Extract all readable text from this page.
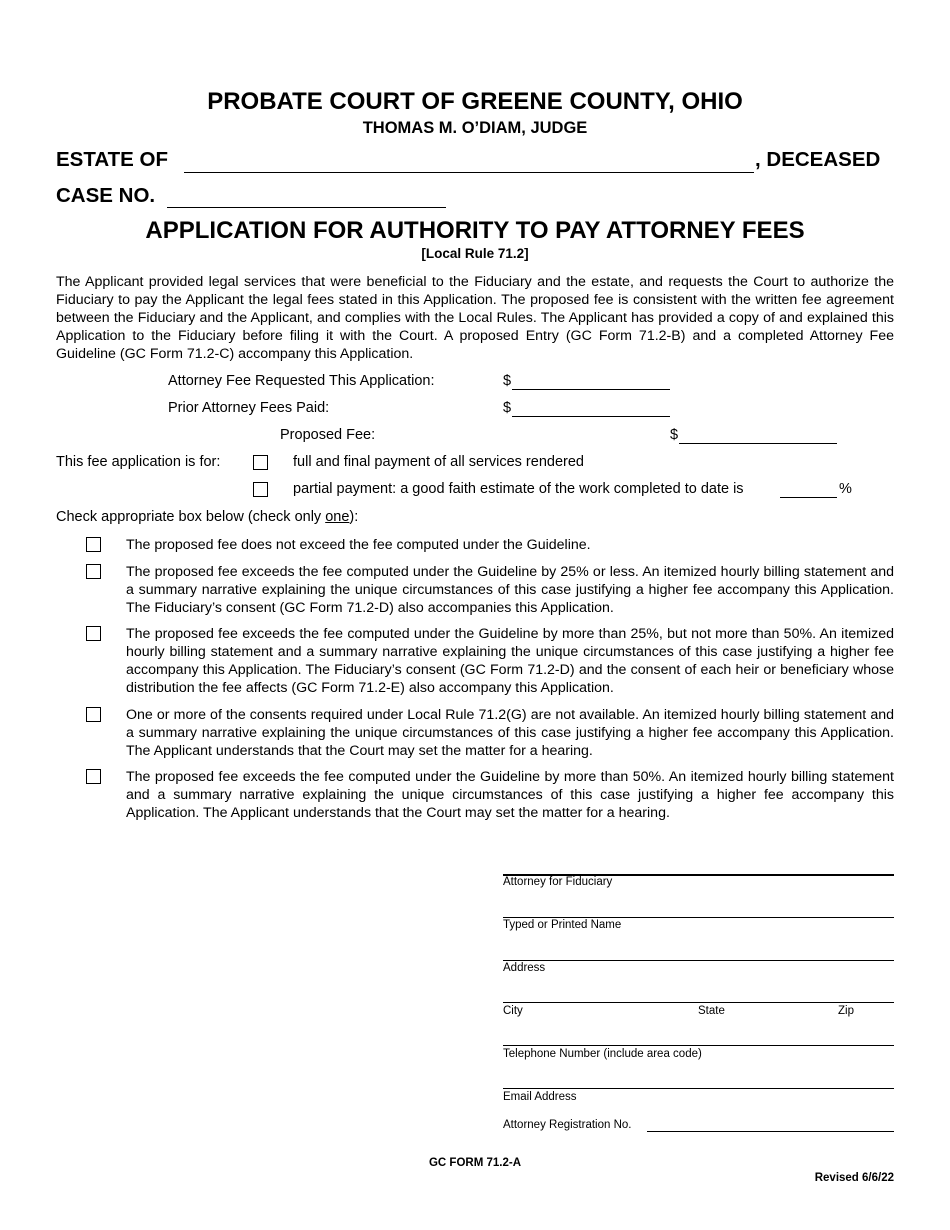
PROBATE COURT OF GREENE COUNTY, OHIO
THOMAS M. O’DIAM, JUDGE
ESTATE OF	, DECEASED
CASE NO.
APPLICATION FOR AUTHORITY TO PAY ATTORNEY FEES
[Local Rule 71.2]
The Applicant provided legal services that were beneficial to the Fiduciary and the estate, and requests the Court to authorize the Fiduciary to pay the Applicant the legal fees stated in this Application. The proposed fee is consistent with the written fee agreement between the Fiduciary and the Applicant, and complies with the Local Rules. The Applicant has provided a copy of and explained this Application to the Fiduciary before filing it with the Court. A proposed Entry (GC Form 71.2-B) and a completed Attorney Fee Guideline (GC Form 71.2-C) accompany this Application.
Attorney Fee Requested This Application:	$
Prior Attorney Fees Paid:	$
Proposed Fee:	$
This fee application is for:	full and final payment of all services rendered
partial payment: a good faith estimate of the work completed to date is	%
Check appropriate box below (check only one):
The proposed fee does not exceed the fee computed under the Guideline.
The proposed fee exceeds the fee computed under the Guideline by 25% or less. An itemized hourly billing statement and a summary narrative explaining the unique circumstances of this case justifying a higher fee accompany this Application. The Fiduciary’s consent (GC Form 71.2-D) also accompanies this Application.
The proposed fee exceeds the fee computed under the Guideline by more than 25%, but not more than 50%. An itemized hourly billing statement and a summary narrative explaining the unique circumstances of this case justifying a higher fee accompany this Application. The Fiduciary’s consent (GC Form 71.2-D) and the consent of each heir or beneficiary whose distribution the fee affects (GC Form 71.2-E) also accompany this Application.
One or more of the consents required under Local Rule 71.2(G) are not available. An itemized hourly billing statement and a summary narrative explaining the unique circumstances of this case justifying a higher fee accompany this Application. The Applicant understands that the Court may set the matter for a hearing.
The proposed fee exceeds the fee computed under the Guideline by more than 50%. An itemized hourly billing statement and a summary narrative explaining the unique circumstances of this case justifying a higher fee accompany this Application. The Applicant understands that the Court may set the matter for a hearing.
Attorney for Fiduciary
Typed or Printed Name
Address
City	State	Zip
Telephone Number (include area code)
Email Address
Attorney Registration No.
GC FORM 71.2-A
Revised 6/6/22
